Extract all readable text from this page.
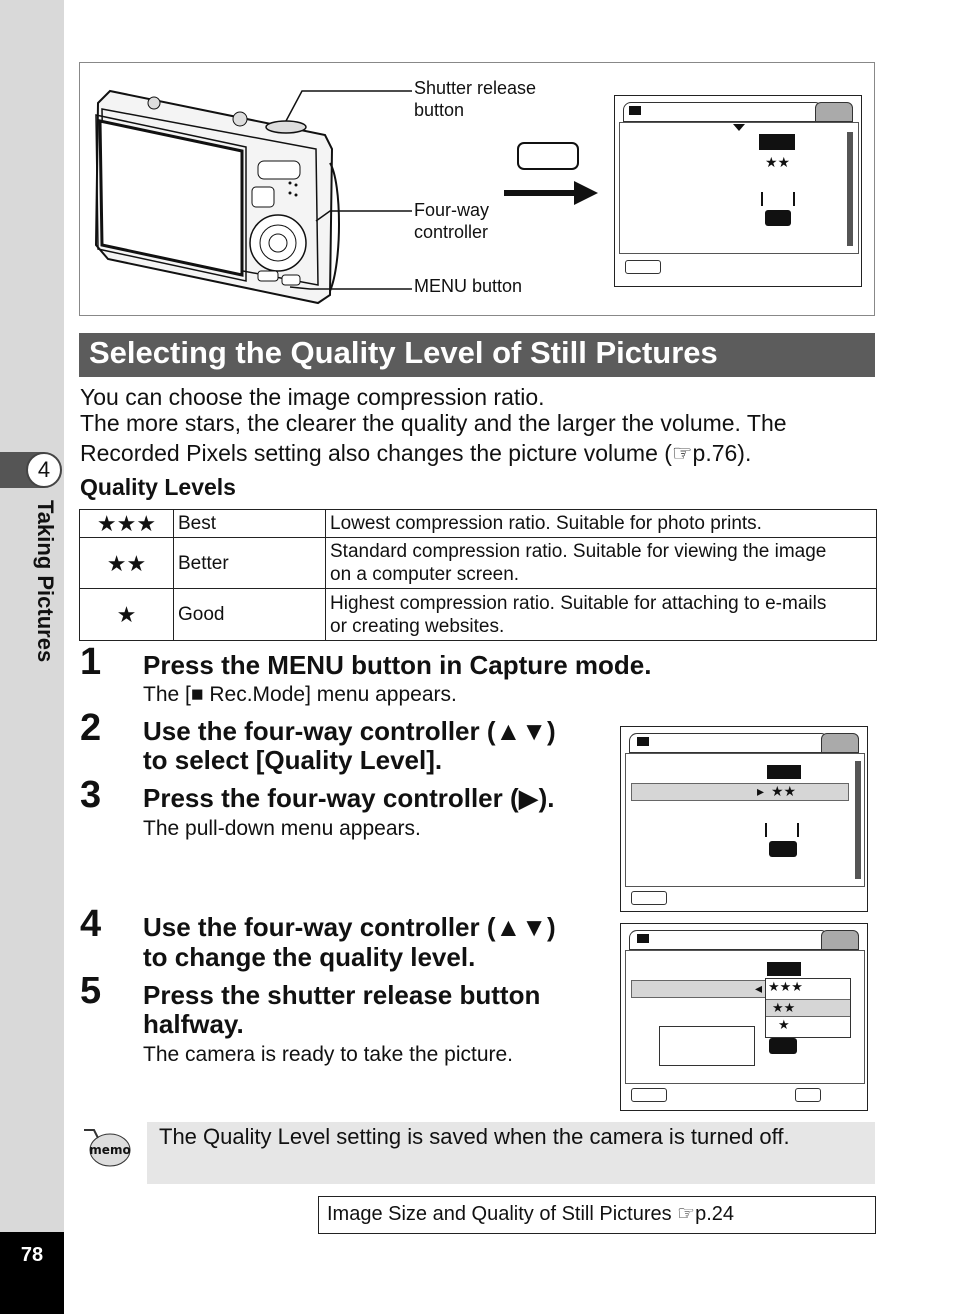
4
Taking Pictures
78
Shutter release
button
Four-way
controller
MENU button
★★
Selecting the Quality Level of Still Pictures
You can choose the image compression ratio.
The more stars, the clearer the quality and the larger the volume. The
Recorded Pixels setting also changes the picture volume (☞p.76).
Quality Levels
★★★	Best	Lowest compression ratio. Suitable for photo prints.
★★	Better	Standard compression ratio. Suitable for viewing the image
on a computer screen.

★	Good	Highest compression ratio. Suitable for attaching to e-mails
or creating websites.
1 Press the MENU button in Capture mode.
The [■ Rec.Mode] menu appears.
2 Use the four-way controller (▲▼)
to select [Quality Level].
3 Press the four-way controller (▶).
The pull-down menu appears.
4 Use the four-way controller (▲▼)
to change the quality level.
5 Press the shutter release button
halfway.
The camera is ready to take the picture.
▸ ★★
◂ ★★★
★★
★
memo
The Quality Level setting is saved when the camera is turned off.
Image Size and Quality of Still Pictures ☞p.24
